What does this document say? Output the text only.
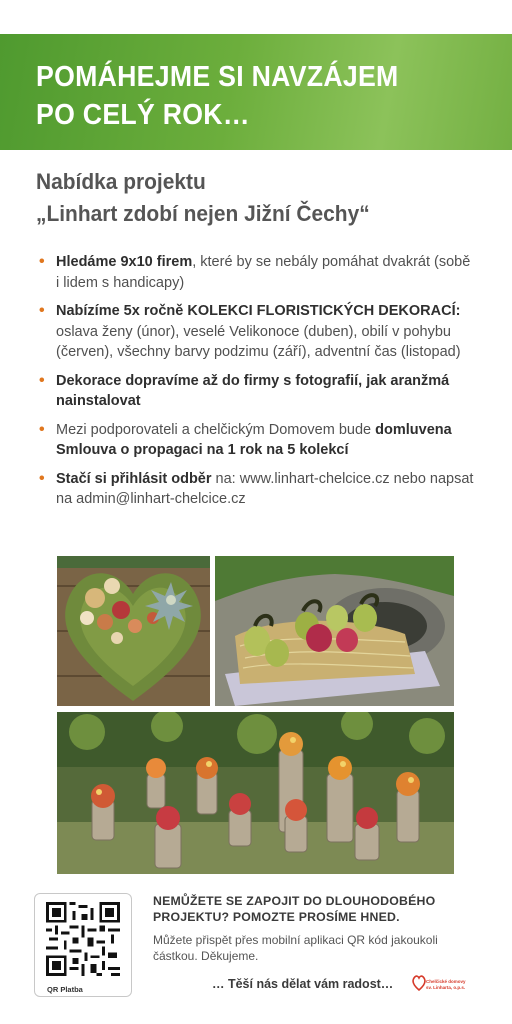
POMÁHEJME SI NAVZÁJEM
PO CELÝ ROK…
Nabídka projektu
„Linhart zdobí nejen Jižní Čechy“
• Hledáme 9x10 firem, které by se nebály pomáhat dvakrát (sobě i lidem s handicapy)
• Nabízíme 5x ročně KOLEKCI FLORISTICKÝCH DEKORACÍ: oslava ženy (únor), veselé Velikonoce (duben), obilí v pohybu (červen), všechny barvy podzimu (září), adventní čas (listopad)
• Dekorace dopravíme až do firmy s fotografií, jak aranžmá nainstalovat
• Mezi podporovateli a chelčickým Domovem bude domluvena Smlouva o propagaci na 1 rok na 5 kolekcí
• Stačí si přihlásit odběr na: www.linhart-chelcice.cz nebo napsat na admin@linhart-chelcice.cz
QR Platba

NEMŮŽETE SE ZAPOJIT DO DLOUHODOBÉHO PROJEKTU? POMOZTE PROSÍME HNED.

Můžete přispět přes mobilní aplikaci QR kód jakoukoli částkou. Děkujeme.

… Těší nás dělat vám radost…	Chelčické domovy
sv. Linharta, o.p.s.
